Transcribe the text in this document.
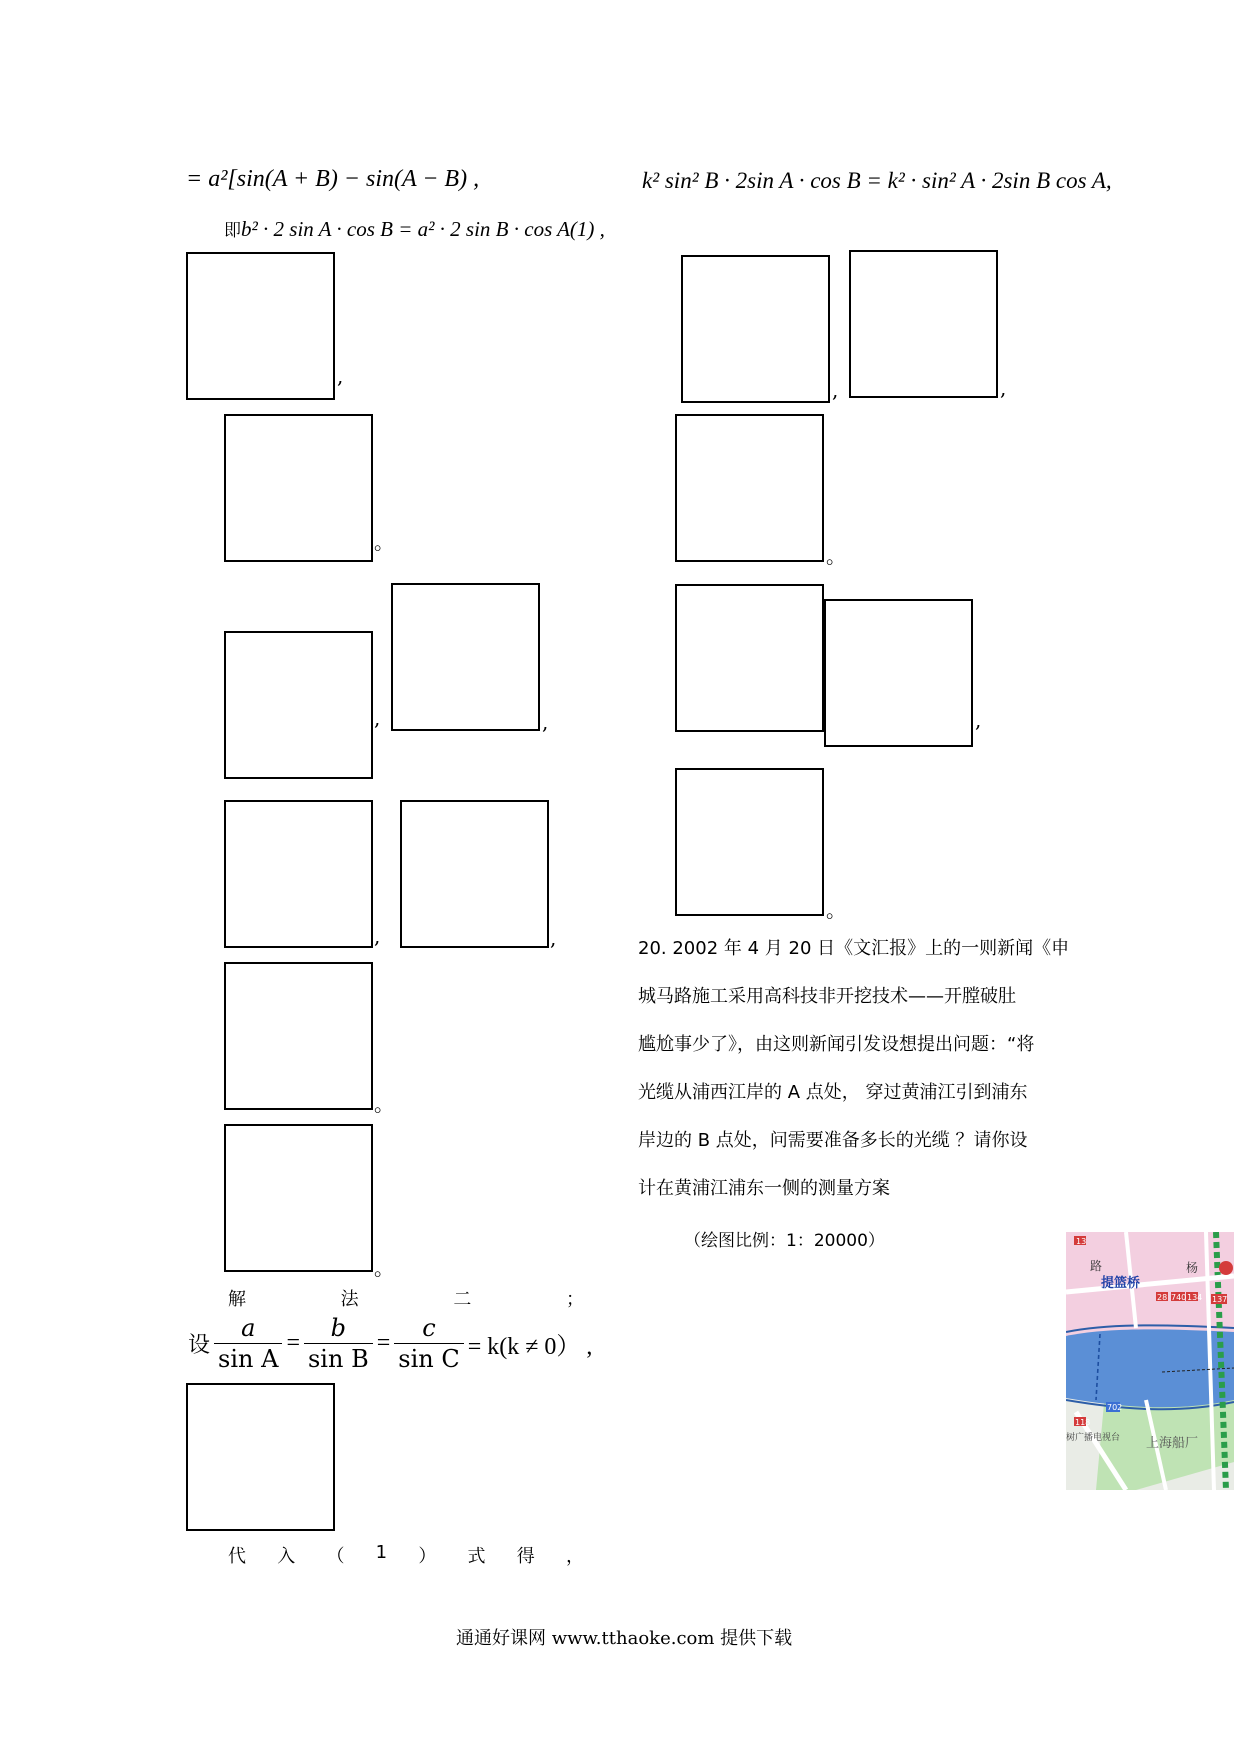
= a²[sin(A + B) − sin(A − B) ,
即b² · 2 sin A · cos B = a² · 2 sin B · cos A(1) ,
,
。
,	,
,	,
。
。
解	法	二	；
设 $\frac{a}{\text{sin A}} = \frac{b}{\text{sin B}} = \frac{c}{\text{sin C}} = k(k \ne 0)$ ,
代 入 （ 1 ） 式 得 ，
k² sin² B · 2sin A · cos B = k² · sin² A · 2sin B cos A,
,	,
。
,
。
20. 2002 年 4 月 20 日《文汇报》上的一则新闻《申
城马路施工采用高科技非开挖技术——开膛破肚
尴尬事少了》，由这则新闻引发设想提出问题：“将
光缆从浦西江岸的 A 点处， 穿过黄浦江引到浦东
岸边的 B 点处，问需要准备多长的光缆 ？请你设
计在黄浦江浦东一侧的测量方案
（绘图比例：1：20000）	13
提篮桥
28 740 134 137
702
118
杨
路
树广播电视台 上海船厂
通通好课网 www.tthaoke.com 提供下载
